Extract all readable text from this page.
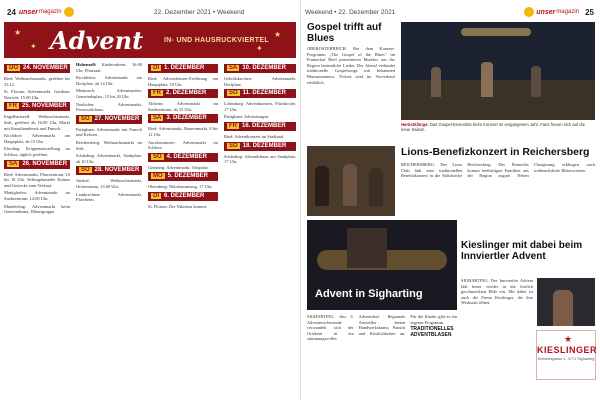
24 unser magazin	22. Dezember 2021 • Weekend
★
✦
★
✦
Advent	IN- UND HAUSRUCKVIERTEL
DO 24. NOVEMBER

Ried: Weihnachtsmarkt, geöffnet bis 23.12.

St. Florian: Adventmarkt, Gasthaus Neuwirt, 15:00 Uhr.

FR 25. NOVEMBER

Engelhartszell: Weihnachtsmarkt, Stift, geöffnet ab 16:00 Uhr. Markt mit Kunsthandwerk und Punsch.

Kirchdorf: Adventmarkt am Hauptplatz, ab 15 Uhr.

Eferding: Krippenausstellung im Schloss, täglich geöffnet.

SA 26. NOVEMBER

Ried: Adventmarkt, Pfarrzentrum, 10 bis 18 Uhr. Selbstgebastelte Kränze und Gestecke zum Verkauf.

Mattighofen: Adventmarkt im Stadtzentrum, 14:00 Uhr.

Munderfing: Adventmarkt beim Gemeindeamt, Bläsergruppe.

Hohenzell: Kinderadvent, 16:00 Uhr, Pfarrsaal.

Kirchheim: Adventmarkt am Dorfplatz, ab 14 Uhr.

Mettmach: Adventzauber, Gemeindeplatz, 15 bis 20 Uhr.

Neuhofen: Adventmarkt, Feuerwehrhaus.

SO 27. NOVEMBER

Pattigham: Adventmarkt mit Punsch und Keksen.

Reichersberg: Weihnachtsmarkt im Stift.

Schärding: Adventmarkt, Stadtplatz, ab 10 Uhr.

SO 28. NOVEMBER

Andorf: Weihnachtsmarkt, Ortszentrum, 13:00 Uhr.

Lambrechten: Adventmarkt, Pfarrheim.

DI 1. DEZEMBER

Ried: Adventfenster-Eröffnung am Hauptplatz, 18 Uhr.

FR 2. DEZEMBER

Altheim: Adventmarkt im Stadtzentrum, ab 15 Uhr.

SA 3. DEZEMBER

Ried: Adventmarkt, Bauernmarkt, 8 bis 12 Uhr.

Aurolzmünster: Adventmarkt im Schloss.

SO 4. DEZEMBER

Geinberg: Adventmarkt, Ortsplatz.

MO 5. DEZEMBER

Obernberg: Nikolausumzug, 17 Uhr.

DI 6. DEZEMBER

St. Florian: Der Nikolaus kommt.

SA 10. DEZEMBER

Geboltskirchen: Adventmarkt, Dorfplatz.

SO 11. DEZEMBER

Lohnsburg: Adventkonzert, Pfarrkirche, 17 Uhr.

Pattigham: Adventsingen.

FR 16. DEZEMBER

Ried: Adventkonzert im Stadtsaal.

SO 18. DEZEMBER

Schärding: Adventblasen am Stadtplatz, 17 Uhr.

Weekend • 22. Dezember 2021	unser magazin 25
Gospel trifft auf Blues

OBERÖSTERREICH. Bei dem Konzert-Programm „The Gospel of the Blues" im Pramerhof Ried präsentieren Musiker aus der Region besinnliche Lieder. Der Abend verbindet traditionelle Gospelsongs mit bekannten Bluesnummern. Tickets sind im Vorverkauf erhältlich.

Herbstklänge. Das Gospel-Ensemble beim Konzert im vergangenen Jahr. Fans freuen sich auf die neue Saison.
Lions-Benefizkonzert in Reichersberg

REICHERSBERG. Der Lions Club lädt zum traditionellen Benefizkonzert in die Stiftskirche Reichersberg. Der Reinerlös kommt bedürftigen Familien aus der Region zugute. Neben Chorgesang erklingen auch weihnachtliche Bläserweisen.

Advent in Sigharting

SIGHARTING. Am 3. Adventwochenende verwandelt sich der Ortskern in ein stimmungsvolles Adventdorf. Regionale Aussteller bieten Handwerkskunst, Punsch und Köstlichkeiten an. Für die Kinder gibt es ein eigenes Programm.

TRADITIONELLES ADVENTBLASEN
Kieslinger mit dabei beim Innviertler Advent

SIGHARTING. Der Innviertler Advent lädt heuer wieder in die festlich geschmückten Höfe ein. Mit dabei ist auch die Firma Kieslinger, die ihre Werkstatt öffnet.

★
KIESLINGER
Schmiedgasse 1, 4771 Sigharting
